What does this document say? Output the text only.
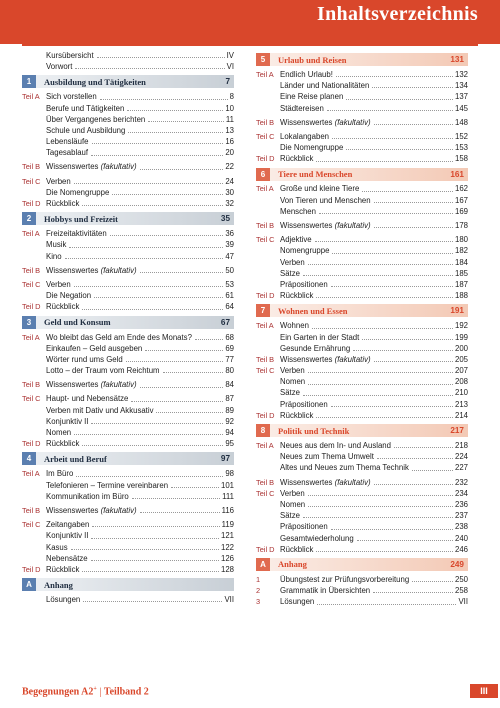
Inhaltsverzeichnis
Kursübersicht	IV
Vorwort	VI
1	Ausbildung und Tätigkeiten	7
Teil A Sich vorstellen	8
Berufe und Tätigkeiten	10
Über Vergangenes berichten	11
Schule und Ausbildung	13
Lebensläufe	16
Tagesablauf	20
Teil B Wissenswertes (fakultativ)	22
Teil C Verben	24
Die Nomengruppe	30
Teil D Rückblick	32
2	Hobbys und Freizeit	35
Teil A Freizeitaktivitäten	36
Musik	39
Kino	47
Teil B Wissenswertes (fakultativ)	50
Teil C Verben	53
Die Negation	61
Teil D Rückblick	64
3	Geld und Konsum	67
Teil A Wo bleibt das Geld am Ende des Monats?	68
Einkaufen – Geld ausgeben	69
Wörter rund ums Geld	77
Lotto – der Traum vom Reichtum	80
Teil B Wissenswertes (fakultativ)	84
Teil C Haupt- und Nebensätze	87
Verben mit Dativ und Akkusativ	89
Konjunktiv II	92
Nomen	94
Teil D Rückblick	95
4	Arbeit und Beruf	97
Teil A Im Büro	98
Telefonieren – Termine vereinbaren	101
Kommunikation im Büro	111
Teil B Wissenswertes (fakultativ)	116
Teil C Zeitangaben	119
Konjunktiv II	121
Kasus	122
Nebensätze	126
Teil D Rückblick	128
A	Anhang
Lösungen	VII
5	Urlaub und Reisen	131
Teil A Endlich Urlaub!	132
Länder und Nationalitäten	134
Eine Reise planen	137
Städtereisen	145
Teil B Wissenswertes (fakultativ)	148
Teil C Lokalangaben	152
Die Nomengruppe	153
Teil D Rückblick	158
6	Tiere und Menschen	161
Teil A Große und kleine Tiere	162
Von Tieren und Menschen	167
Menschen	169
Teil B Wissenswertes (fakultativ)	178
Teil C Adjektive	180
Nomengruppe	182
Verben	184
Sätze	185
Präpositionen	187
Teil D Rückblick	188
7	Wohnen und Essen	191
Teil A Wohnen	192
Ein Garten in der Stadt	199
Gesunde Ernährung	200
Teil B Wissenswertes (fakultativ)	205
Teil C Verben	207
Nomen	208
Sätze	210
Präpositionen	213
Teil D Rückblick	214
8	Politik und Technik	217
Teil A Neues aus dem In- und Ausland	218
Neues zum Thema Umwelt	224
Altes und Neues zum Thema Technik	227
Teil B Wissenswertes (fakultativ)	232
Teil C Verben	234
Nomen	236
Sätze	237
Präpositionen	238
Gesamtwiederholung	240
Teil D Rückblick	246
A	Anhang	249
1	Übungstest zur Prüfungsvorbereitung	250
2	Grammatik in Übersichten	258
3	Lösungen	VII
Begegnungen A2+ | Teilband 2	III
